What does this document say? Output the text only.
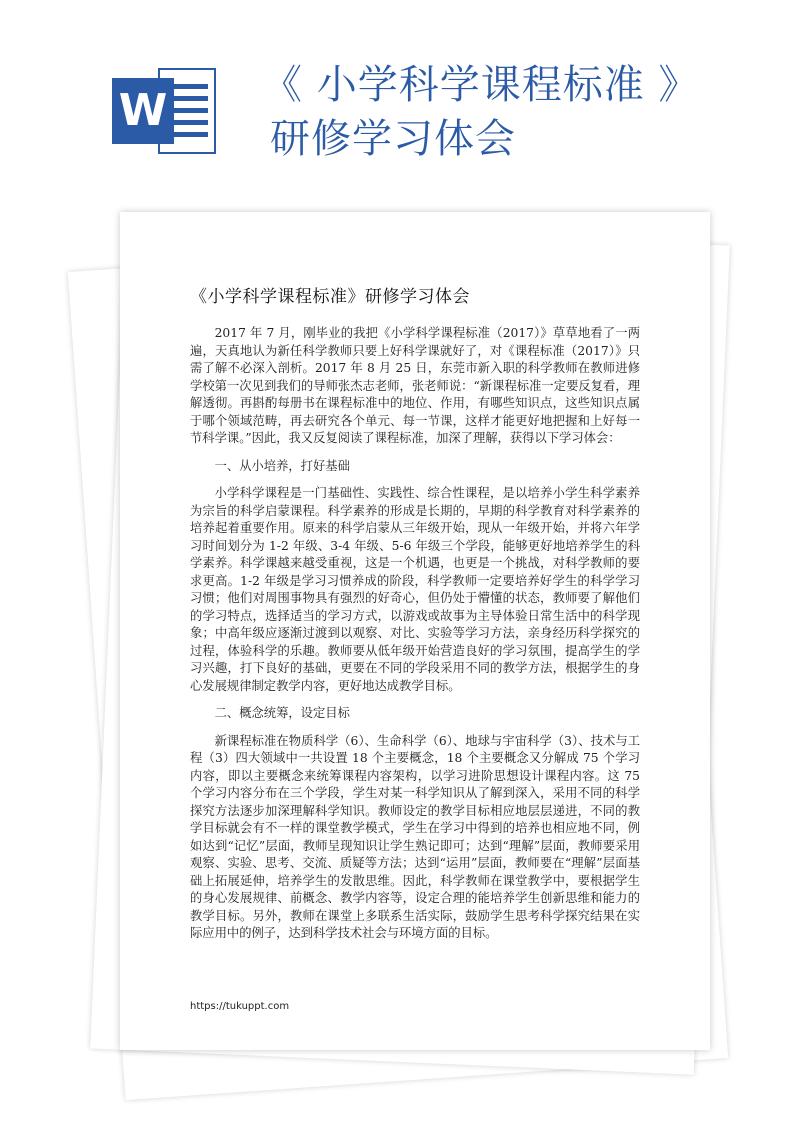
W 《 小学科学课程标准 》
研修学习体会
《小学科学课程标准》研修学习体会

2017 年 7 月，刚毕业的我把《小学科学课程标准（2017）》草草地看了一两遍，天真地认为新任科学教师只要上好科学课就好了，对《课程标准（2017）》只需了解不必深入剖析。2017 年 8 月 25 日，东莞市新入职的科学教师在教师进修学校第一次见到我们的导师张杰志老师，张老师说：“新课程标准一定要反复看，理解透彻。再斟酌每册书在课程标准中的地位、作用，有哪些知识点，这些知识点属于哪个领域范畴，再去研究各个单元、每一节课，这样才能更好地把握和上好每一节科学课。”因此，我又反复阅读了课程标准，加深了理解，获得以下学习体会：

一、从小培养，打好基础

小学科学课程是一门基础性、实践性、综合性课程，是以培养小学生科学素养为宗旨的科学启蒙课程。科学素养的形成是长期的，早期的科学教育对科学素养的培养起着重要作用。原来的科学启蒙从三年级开始，现从一年级开始，并将六年学习时间划分为 1-2 年级、3-4 年级、5-6 年级三个学段，能够更好地培养学生的科学素养。科学课越来越受重视，这是一个机遇，也更是一个挑战，对科学教师的要求更高。1-2 年级是学习习惯养成的阶段，科学教师一定要培养好学生的科学学习习惯；他们对周围事物具有强烈的好奇心，但仍处于懵懂的状态，教师要了解他们的学习特点，选择适当的学习方式，以游戏或故事为主导体验日常生活中的科学现象；中高年级应逐渐过渡到以观察、对比、实验等学习方法，亲身经历科学探究的过程，体验科学的乐趣。教师要从低年级开始营造良好的学习氛围，提高学生的学习兴趣，打下良好的基础，更要在不同的学段采用不同的教学方法，根据学生的身心发展规律制定教学内容，更好地达成教学目标。

二、概念统筹，设定目标

新课程标准在物质科学（6）、生命科学（6）、地球与宇宙科学（3）、技术与工程（3）四大领域中一共设置 18 个主要概念，18 个主要概念又分解成 75 个学习内容，即以主要概念来统筹课程内容架构，以学习进阶思想设计课程内容。这 75 个学习内容分布在三个学段，学生对某一科学知识从了解到深入，采用不同的科学探究方法逐步加深理解科学知识。教师设定的教学目标相应地层层递进，不同的教学目标就会有不一样的课堂教学模式，学生在学习中得到的培养也相应地不同，例如达到“记忆”层面，教师呈现知识让学生熟记即可；达到“理解”层面，教师要采用观察、实验、思考、交流、质疑等方法；达到“运用”层面，教师要在“理解”层面基础上拓展延伸，培养学生的发散思维。因此，科学教师在课堂教学中，要根据学生的身心发展规律、前概念、教学内容等，设定合理的能培养学生创新思维和能力的教学目标。另外，教师在课堂上多联系生活实际，鼓励学生思考科学探究结果在实际应用中的例子，达到科学技术社会与环境方面的目标。

https://tukuppt.com
